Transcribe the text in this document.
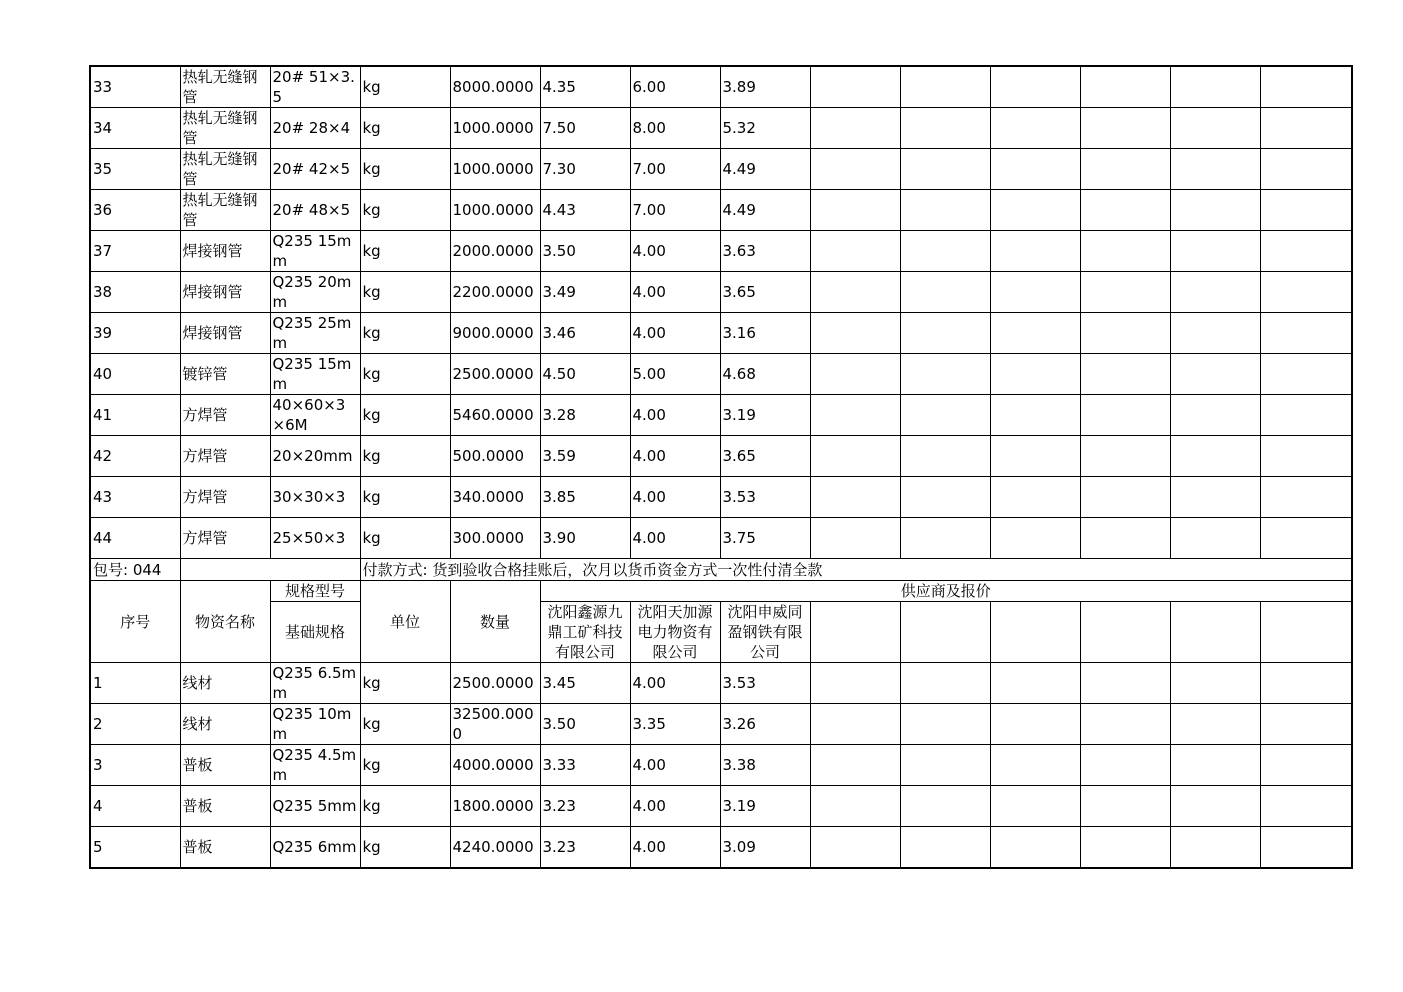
33	热轧无缝钢管	20# 51×3.5	kg	8000.0000	4.35	6.00	3.89						
34	热轧无缝钢管	20# 28×4	kg	1000.0000	7.50	8.00	5.32						
35	热轧无缝钢管	20# 42×5	kg	1000.0000	7.30	7.00	4.49						
36	热轧无缝钢管	20# 48×5	kg	1000.0000	4.43	7.00	4.49						
37	焊接钢管	Q235 15mm	kg	2000.0000	3.50	4.00	3.63						
38	焊接钢管	Q235 20mm	kg	2200.0000	3.49	4.00	3.65						
39	焊接钢管	Q235 25mm	kg	9000.0000	3.46	4.00	3.16						
40	镀锌管	Q235 15mm	kg	2500.0000	4.50	5.00	4.68						
41	方焊管	40×60×3×6M	kg	5460.0000	3.28	4.00	3.19						
42	方焊管	20×20mm	kg	500.0000	3.59	4.00	3.65						
43	方焊管	30×30×3	kg	340.0000	3.85	4.00	3.53						
44	方焊管	25×50×3	kg	300.0000	3.90	4.00	3.75						
包号: 044			付款方式: 货到验收合格挂账后，次月以货币资金方式一次性付清全款										
序号	物资名称	规格型号	单位	数量	供应商及报价								
		基础规格			沈阳鑫源九鼎工矿科技有限公司	沈阳天加源电力物资有限公司	沈阳申威同盈钢铁有限公司						
1	线材	Q235 6.5mm	kg	2500.0000	3.45	4.00	3.53						
2	线材	Q235 10mm	kg	32500.0000	3.50	3.35	3.26						
3	普板	Q235 4.5mm	kg	4000.0000	3.33	4.00	3.38						
4	普板	Q235 5mm	kg	1800.0000	3.23	4.00	3.19						
5	普板	Q235 6mm	kg	4240.0000	3.23	4.00	3.09						
